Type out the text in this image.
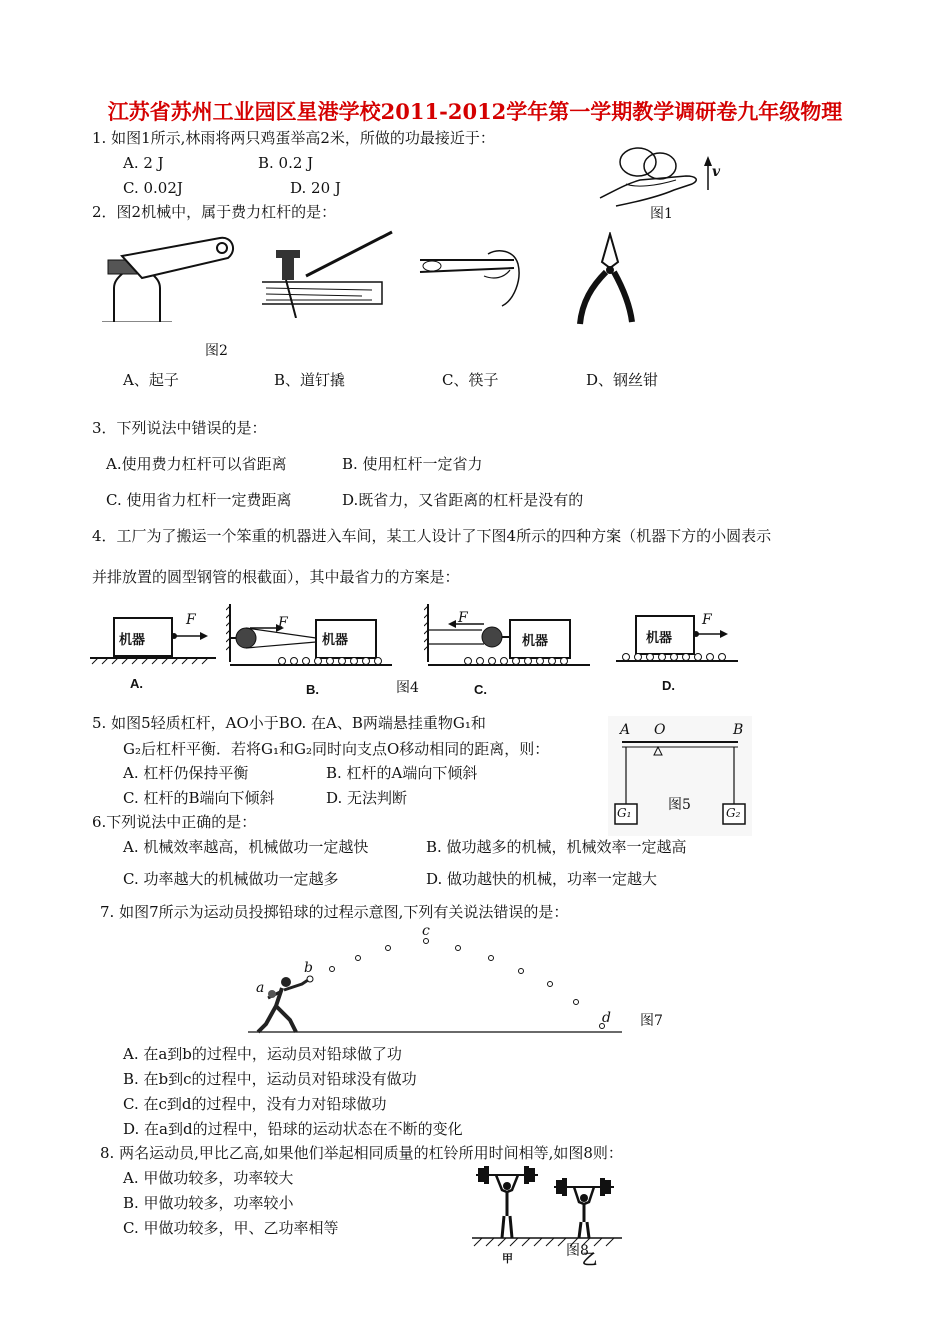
江苏省苏州工业园区星港学校2011-2012学年第一学期教学调研卷九年级物理
1. 如图1所示,林雨将两只鸡蛋举高2米，所做的功最接近于：
A. 2 J	B. 0.2 J
C. 0.02J	D. 20 J
v
图1
2．图2机械中，属于费力杠杆的是：
图2
A、起子	B、道钉撬	C、筷子	D、钢丝钳
3．下列说法中错误的是：
A.使用费力杠杆可以省距离	B. 使用杠杆一定省力
C. 使用省力杠杆一定费距离	D.既省力，又省距离的杠杆是没有的
4．工厂为了搬运一个笨重的机器进入车间，某工人设计了下图4所示的四种方案（机器下方的小圆表示
并排放置的圆型钢管的根截面），其中最省力的方案是：
机器
F
A.
机器
F
B.
机器
F
C.
图4
机器
F
D.
5. 如图5轻质杠杆，AO小于BO. 在A、B两端悬挂重物G₁和
G₂后杠杆平衡．若将G₁和G₂同时向支点O移动相同的距离，则：
A. 杠杆仍保持平衡	B. 杠杆的A端向下倾斜
C. 杠杆的B端向下倾斜	D. 无法判断
A O	B
G₁	G₂
图5
6.下列说法中正确的是：
A. 机械效率越高，机械做功一定越快	B. 做功越多的机械，机械效率一定越高
C. 功率越大的机械做功一定越多	D. 做功越快的机械，功率一定越大
7. 如图7所示为运动员投掷铅球的过程示意图,下列有关说法错误的是：
a
b
c
d 图7
A. 在a到b的过程中，运动员对铅球做了功
B. 在b到c的过程中，运动员对铅球没有做功
C. 在c到d的过程中，没有力对铅球做功
D. 在a到d的过程中，铅球的运动状态在不断的变化
8. 两名运动员,甲比乙高,如果他们举起相同质量的杠铃所用时间相等,如图8则：
A. 甲做功较多，功率较大
B. 甲做功较多，功率较小
C. 甲做功较多，甲、乙功率相等
图8
甲	乙
